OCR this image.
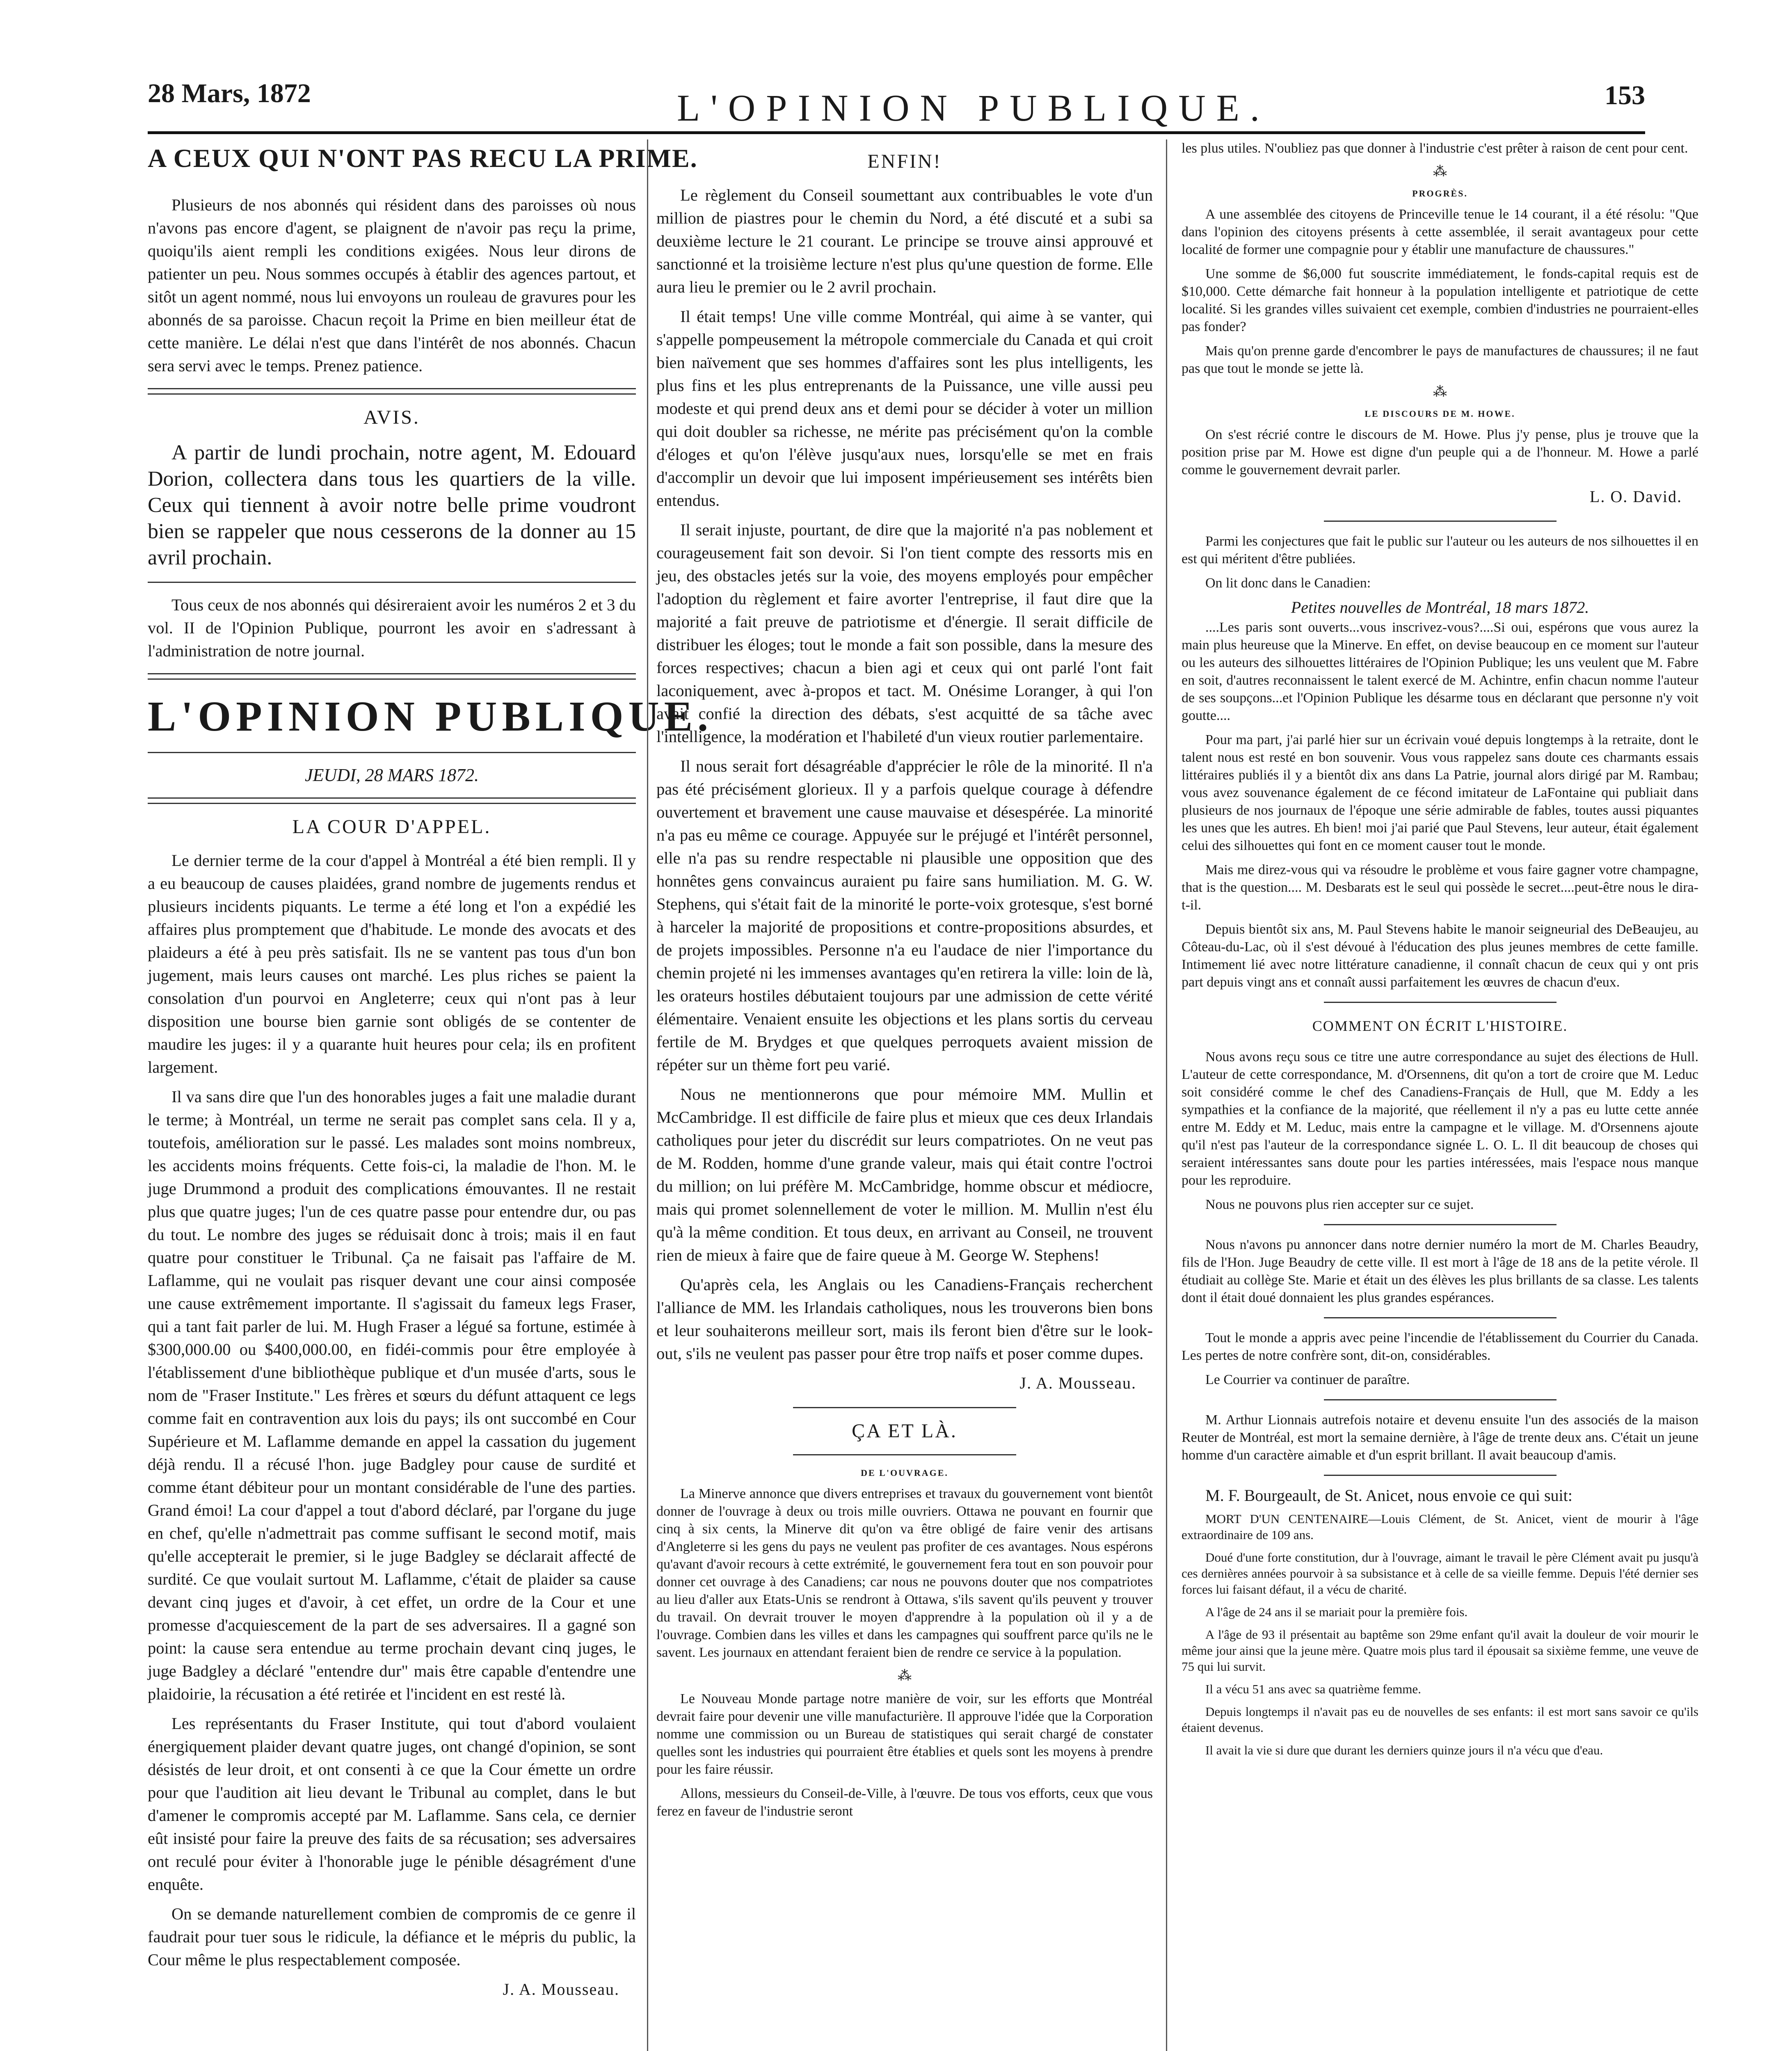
28 Mars, 1872	L'OPINION PUBLIQUE.	153
A CEUX QUI N'ONT PAS RECU LA PRIME.

Plusieurs de nos abonnés qui résident dans des paroisses où nous n'avons pas encore d'agent, se plaignent de n'avoir pas reçu la prime, quoiqu'ils aient rempli les conditions exigées. Nous leur dirons de patienter un peu. Nous sommes occupés à établir des agences partout, et sitôt un agent nommé, nous lui envoyons un rouleau de gravures pour les abonnés de sa paroisse. Chacun reçoit la Prime en bien meilleur état de cette manière. Le délai n'est que dans l'intérêt de nos abonnés. Chacun sera servi avec le temps. Prenez patience.

AVIS.

A partir de lundi prochain, notre agent, M. Edouard Dorion, collectera dans tous les quartiers de la ville. Ceux qui tiennent à avoir notre belle prime voudront bien se rappeler que nous cesserons de la donner au 15 avril prochain.

Tous ceux de nos abonnés qui désireraient avoir les numéros 2 et 3 du vol. II de l'Opinion Publique, pourront les avoir en s'adressant à l'administration de notre journal.

L'OPINION PUBLIQUE.
JEUDI, 28 MARS 1872.
LA COUR D'APPEL.

Le dernier terme de la cour d'appel à Montréal a été bien rempli. Il y a eu beaucoup de causes plaidées, grand nombre de jugements rendus et plusieurs incidents piquants. Le terme a été long et l'on a expédié les affaires plus promptement que d'habitude. Le monde des avocats et des plaideurs a été à peu près satisfait. Ils ne se vantent pas tous d'un bon jugement, mais leurs causes ont marché. Les plus riches se paient la consolation d'un pourvoi en Angleterre; ceux qui n'ont pas à leur disposition une bourse bien garnie sont obligés de se contenter de maudire les juges: il y a quarante huit heures pour cela; ils en profitent largement.

Il va sans dire que l'un des honorables juges a fait une maladie durant le terme; à Montréal, un terme ne serait pas complet sans cela. Il y a, toutefois, amélioration sur le passé. Les malades sont moins nombreux, les accidents moins fréquents. Cette fois-ci, la maladie de l'hon. M. le juge Drummond a produit des complications émouvantes. Il ne restait plus que quatre juges; l'un de ces quatre passe pour entendre dur, ou pas du tout. Le nombre des juges se réduisait donc à trois; mais il en faut quatre pour constituer le Tribunal. Ça ne faisait pas l'affaire de M. Laflamme, qui ne voulait pas risquer devant une cour ainsi composée une cause extrêmement importante. Il s'agissait du fameux legs Fraser, qui a tant fait parler de lui. M. Hugh Fraser a légué sa fortune, estimée à $300,000.00 ou $400,000.00, en fidéi-commis pour être employée à l'établissement d'une bibliothèque publique et d'un musée d'arts, sous le nom de "Fraser Institute." Les frères et sœurs du défunt attaquent ce legs comme fait en contravention aux lois du pays; ils ont succombé en Cour Supérieure et M. Laflamme demande en appel la cassation du jugement déjà rendu. Il a récusé l'hon. juge Badgley pour cause de surdité et comme étant débiteur pour un montant considérable de l'une des parties. Grand émoi! La cour d'appel a tout d'abord déclaré, par l'organe du juge en chef, qu'elle n'admettrait pas comme suffisant le second motif, mais qu'elle accepterait le premier, si le juge Badgley se déclarait affecté de surdité. Ce que voulait surtout M. Laflamme, c'était de plaider sa cause devant cinq juges et d'avoir, à cet effet, un ordre de la Cour et une promesse d'acquiescement de la part de ses adversaires. Il a gagné son point: la cause sera entendue au terme prochain devant cinq juges, le juge Badgley a déclaré "entendre dur" mais être capable d'entendre une plaidoirie, la récusation a été retirée et l'incident en est resté là.

Les représentants du Fraser Institute, qui tout d'abord voulaient énergiquement plaider devant quatre juges, ont changé d'opinion, se sont désistés de leur droit, et ont consenti à ce que la Cour émette un ordre pour que l'audition ait lieu devant le Tribunal au complet, dans le but d'amener le compromis accepté par M. Laflamme. Sans cela, ce dernier eût insisté pour faire la preuve des faits de sa récusation; ses adversaires ont reculé pour éviter à l'honorable juge le pénible désagrément d'une enquête.

On se demande naturellement combien de compromis de ce genre il faudrait pour tuer sous le ridicule, la défiance et le mépris du public, la Cour même le plus respectablement composée.

J. A. Mousseau.
ENFIN!

Le règlement du Conseil soumettant aux contribuables le vote d'un million de piastres pour le chemin du Nord, a été discuté et a subi sa deuxième lecture le 21 courant. Le principe se trouve ainsi approuvé et sanctionné et la troisième lecture n'est plus qu'une question de forme. Elle aura lieu le premier ou le 2 avril prochain.

Il était temps! Une ville comme Montréal, qui aime à se vanter, qui s'appelle pompeusement la métropole commerciale du Canada et qui croit bien naïvement que ses hommes d'affaires sont les plus intelligents, les plus fins et les plus entreprenants de la Puissance, une ville aussi peu modeste et qui prend deux ans et demi pour se décider à voter un million qui doit doubler sa richesse, ne mérite pas précisément qu'on la comble d'éloges et qu'on l'élève jusqu'aux nues, lorsqu'elle se met en frais d'accomplir un devoir que lui imposent impérieusement ses intérêts bien entendus.

Il serait injuste, pourtant, de dire que la majorité n'a pas noblement et courageusement fait son devoir. Si l'on tient compte des ressorts mis en jeu, des obstacles jetés sur la voie, des moyens employés pour empêcher l'adoption du règlement et faire avorter l'entreprise, il faut dire que la majorité a fait preuve de patriotisme et d'énergie. Il serait difficile de distribuer les éloges; tout le monde a fait son possible, dans la mesure des forces respectives; chacun a bien agi et ceux qui ont parlé l'ont fait laconiquement, avec à-propos et tact. M. Onésime Loranger, à qui l'on avait confié la direction des débats, s'est acquitté de sa tâche avec l'intelligence, la modération et l'habileté d'un vieux routier parlementaire.

Il nous serait fort désagréable d'apprécier le rôle de la minorité. Il n'a pas été précisément glorieux. Il y a parfois quelque courage à défendre ouvertement et bravement une cause mauvaise et désespérée. La minorité n'a pas eu même ce courage. Appuyée sur le préjugé et l'intérêt personnel, elle n'a pas su rendre respectable ni plausible une opposition que des honnêtes gens convaincus auraient pu faire sans humiliation. M. G. W. Stephens, qui s'était fait de la minorité le porte-voix grotesque, s'est borné à harceler la majorité de propositions et contre-propositions absurdes, et de projets impossibles. Personne n'a eu l'audace de nier l'importance du chemin projeté ni les immenses avantages qu'en retirera la ville: loin de là, les orateurs hostiles débutaient toujours par une admission de cette vérité élémentaire. Venaient ensuite les objections et les plans sortis du cerveau fertile de M. Brydges et que quelques perroquets avaient mission de répéter sur un thème fort peu varié.

Nous ne mentionnerons que pour mémoire MM. Mullin et McCambridge. Il est difficile de faire plus et mieux que ces deux Irlandais catholiques pour jeter du discrédit sur leurs compatriotes. On ne veut pas de M. Rodden, homme d'une grande valeur, mais qui était contre l'octroi du million; on lui préfère M. McCambridge, homme obscur et médiocre, mais qui promet solennellement de voter le million. M. Mullin n'est élu qu'à la même condition. Et tous deux, en arrivant au Conseil, ne trouvent rien de mieux à faire que de faire queue à M. George W. Stephens!

Qu'après cela, les Anglais ou les Canadiens-Français recherchent l'alliance de MM. les Irlandais catholiques, nous les trouverons bien bons et leur souhaiterons meilleur sort, mais ils feront bien d'être sur le look-out, s'ils ne veulent pas passer pour être trop naïfs et poser comme dupes.

J. A. Mousseau.
ÇA ET LÀ.
DE L'OUVRAGE.

La Minerve annonce que divers entreprises et travaux du gouvernement vont bientôt donner de l'ouvrage à deux ou trois mille ouvriers. Ottawa ne pouvant en fournir que cinq à six cents, la Minerve dit qu'on va être obligé de faire venir des artisans d'Angleterre si les gens du pays ne veulent pas profiter de ces avantages. Nous espérons qu'avant d'avoir recours à cette extrémité, le gouvernement fera tout en son pouvoir pour donner cet ouvrage à des Canadiens; car nous ne pouvons douter que nos compatriotes au lieu d'aller aux Etats-Unis se rendront à Ottawa, s'ils savent qu'ils peuvent y trouver du travail. On devrait trouver le moyen d'apprendre à la population où il y a de l'ouvrage. Combien dans les villes et dans les campagnes qui souffrent parce qu'ils ne le savent. Les journaux en attendant feraient bien de rendre ce service à la population.

⁂

Le Nouveau Monde partage notre manière de voir, sur les efforts que Montréal devrait faire pour devenir une ville manufacturière. Il approuve l'idée que la Corporation nomme une commission ou un Bureau de statistiques qui serait chargé de constater quelles sont les industries qui pourraient être établies et quels sont les moyens à prendre pour les faire réussir.

Allons, messieurs du Conseil-de-Ville, à l'œuvre. De tous vos efforts, ceux que vous ferez en faveur de l'industrie seront

les plus utiles. N'oubliez pas que donner à l'industrie c'est prêter à raison de cent pour cent.

⁂
PROGRÈS.

A une assemblée des citoyens de Princeville tenue le 14 courant, il a été résolu: "Que dans l'opinion des citoyens présents à cette assemblée, il serait avantageux pour cette localité de former une compagnie pour y établir une manufacture de chaussures."

Une somme de $6,000 fut souscrite immédiatement, le fonds-capital requis est de $10,000. Cette démarche fait honneur à la population intelligente et patriotique de cette localité. Si les grandes villes suivaient cet exemple, combien d'industries ne pourraient-elles pas fonder?

Mais qu'on prenne garde d'encombrer le pays de manufactures de chaussures; il ne faut pas que tout le monde se jette là.

⁂
LE DISCOURS DE M. HOWE.

On s'est récrié contre le discours de M. Howe. Plus j'y pense, plus je trouve que la position prise par M. Howe est digne d'un peuple qui a de l'honneur. M. Howe a parlé comme le gouvernement devrait parler.

L. O. David.

Parmi les conjectures que fait le public sur l'auteur ou les auteurs de nos silhouettes il en est qui méritent d'être publiées.

On lit donc dans le Canadien:

Petites nouvelles de Montréal, 18 mars 1872.

....Les paris sont ouverts...vous inscrivez-vous?....Si oui, espérons que vous aurez la main plus heureuse que la Minerve. En effet, on devise beaucoup en ce moment sur l'auteur ou les auteurs des silhouettes littéraires de l'Opinion Publique; les uns veulent que M. Fabre en soit, d'autres reconnaissent le talent exercé de M. Achintre, enfin chacun nomme l'auteur de ses soupçons...et l'Opinion Publique les désarme tous en déclarant que personne n'y voit goutte....

Pour ma part, j'ai parlé hier sur un écrivain voué depuis longtemps à la retraite, dont le talent nous est resté en bon souvenir. Vous vous rappelez sans doute ces charmants essais littéraires publiés il y a bientôt dix ans dans La Patrie, journal alors dirigé par M. Rambau; vous avez souvenance également de ce fécond imitateur de LaFontaine qui publiait dans plusieurs de nos journaux de l'époque une série admirable de fables, toutes aussi piquantes les unes que les autres. Eh bien! moi j'ai parié que Paul Stevens, leur auteur, était également celui des silhouettes qui font en ce moment causer tout le monde.

Mais me direz-vous qui va résoudre le problème et vous faire gagner votre champagne, that is the question.... M. Desbarats est le seul qui possède le secret....peut-être nous le dira-t-il.

Depuis bientôt six ans, M. Paul Stevens habite le manoir seigneurial des DeBeaujeu, au Côteau-du-Lac, où il s'est dévoué à l'éducation des plus jeunes membres de cette famille. Intimement lié avec notre littérature canadienne, il connaît chacun de ceux qui y ont pris part depuis vingt ans et connaît aussi parfaitement les œuvres de chacun d'eux.

COMMENT ON ÉCRIT L'HISTOIRE.

Nous avons reçu sous ce titre une autre correspondance au sujet des élections de Hull. L'auteur de cette correspondance, M. d'Orsennens, dit qu'on a tort de croire que M. Leduc soit considéré comme le chef des Canadiens-Français de Hull, que M. Eddy a les sympathies et la confiance de la majorité, que réellement il n'y a pas eu lutte cette année entre M. Eddy et M. Leduc, mais entre la campagne et le village. M. d'Orsennens ajoute qu'il n'est pas l'auteur de la correspondance signée L. O. L. Il dit beaucoup de choses qui seraient intéressantes sans doute pour les parties intéressées, mais l'espace nous manque pour les reproduire.

Nous ne pouvons plus rien accepter sur ce sujet.

Nous n'avons pu annoncer dans notre dernier numéro la mort de M. Charles Beaudry, fils de l'Hon. Juge Beaudry de cette ville. Il est mort à l'âge de 18 ans de la petite vérole. Il étudiait au collège Ste. Marie et était un des élèves les plus brillants de sa classe. Les talents dont il était doué donnaient les plus grandes espérances.

Tout le monde a appris avec peine l'incendie de l'établissement du Courrier du Canada. Les pertes de notre confrère sont, dit-on, considérables.

Le Courrier va continuer de paraître.

M. Arthur Lionnais autrefois notaire et devenu ensuite l'un des associés de la maison Reuter de Montréal, est mort la semaine dernière, à l'âge de trente deux ans. C'était un jeune homme d'un caractère aimable et d'un esprit brillant. Il avait beaucoup d'amis.

M. F. Bourgeault, de St. Anicet, nous envoie ce qui suit:

MORT D'UN CENTENAIRE—Louis Clément, de St. Anicet, vient de mourir à l'âge extraordinaire de 109 ans.

Doué d'une forte constitution, dur à l'ouvrage, aimant le travail le père Clément avait pu jusqu'à ces dernières années pourvoir à sa subsistance et à celle de sa vieille femme. Depuis l'été dernier ses forces lui faisant défaut, il a vécu de charité.

A l'âge de 24 ans il se mariait pour la première fois.

A l'âge de 93 il présentait au baptême son 29me enfant qu'il avait la douleur de voir mourir le même jour ainsi que la jeune mère. Quatre mois plus tard il épousait sa sixième femme, une veuve de 75 qui lui survit.

Il a vécu 51 ans avec sa quatrième femme.

Depuis longtemps il n'avait pas eu de nouvelles de ses enfants: il est mort sans savoir ce qu'ils étaient devenus.

Il avait la vie si dure que durant les derniers quinze jours il n'a vécu que d'eau.
